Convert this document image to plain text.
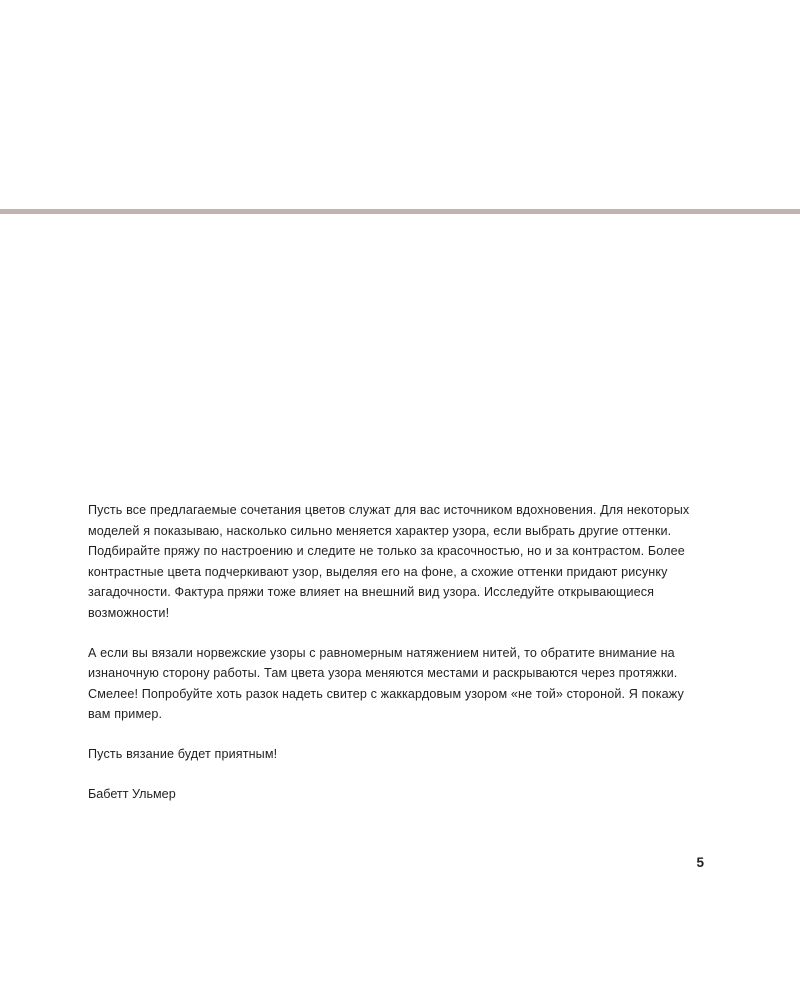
Пусть все предлагаемые сочетания цветов служат для вас источником вдохновения. Для некоторых моделей я показываю, насколько сильно меняется характер узора, если выбрать другие оттенки. Подбирайте пряжу по настроению и следите не только за красочностью, но и за контрастом. Более контрастные цвета подчеркивают узор, выделяя его на фоне, а схожие оттенки придают рисунку загадочности. Фактура пряжи тоже влияет на внешний вид узора. Исследуйте открывающиеся возможности!

А если вы вязали норвежские узоры с равномерным натяжением нитей, то обратите внимание на изнаночную сторону работы. Там цвета узора меняются местами и раскрываются через протяжки. Смелее! Попробуйте хоть разок надеть свитер с жаккардовым узором «не той» стороной. Я покажу вам пример.

Пусть вязание будет приятным!

Бабетт Ульмер

5
